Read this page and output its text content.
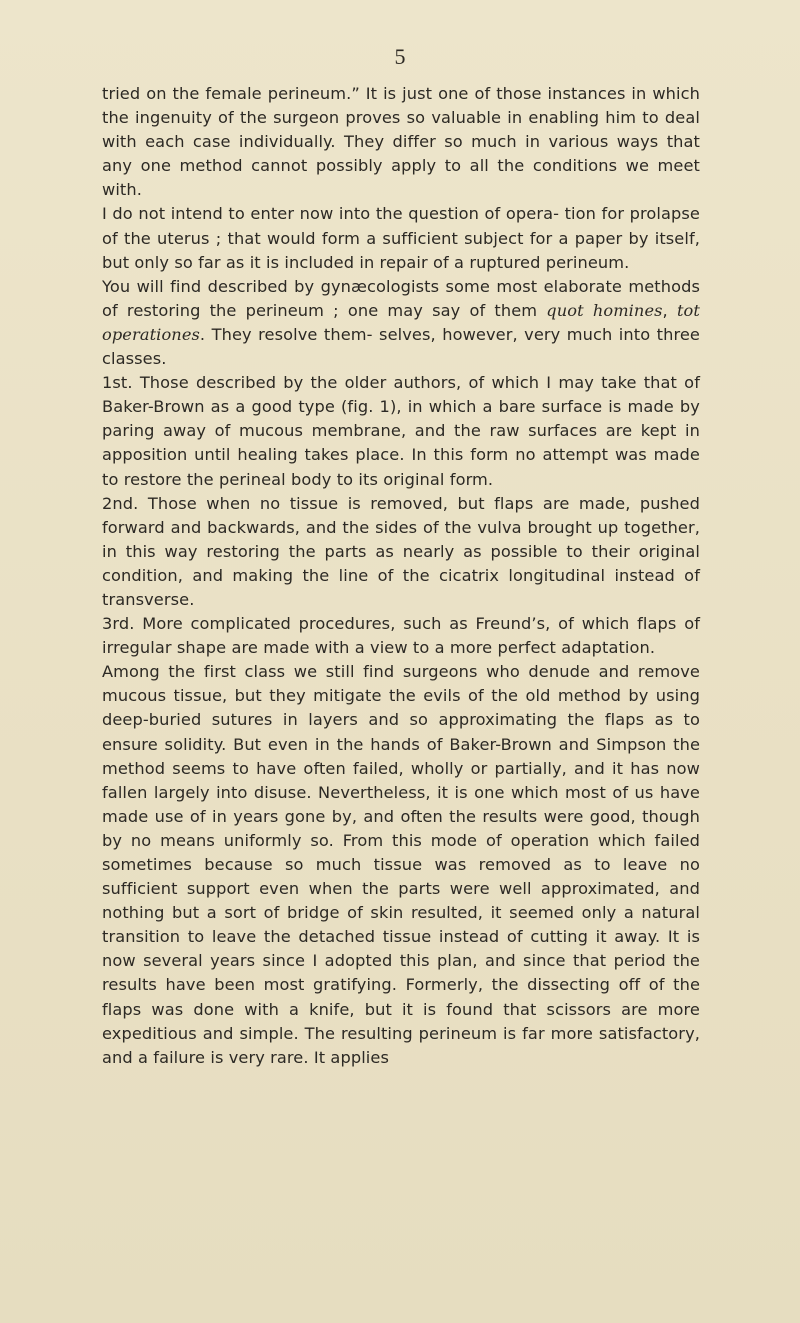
5

tried on the female perineum.” It is just one of those instances in which the ingenuity of the surgeon proves so valuable in enabling him to deal with each case individually. They differ so much in various ways that any one method cannot possibly apply to all the conditions we meet with.

I do not intend to enter now into the question of opera- tion for prolapse of the uterus ; that would form a sufficient subject for a paper by itself, but only so far as it is included in repair of a ruptured perineum.

You will find described by gynæcologists some most elaborate methods of restoring the perineum ; one may say of them quot homines, tot operationes. They resolve them- selves, however, very much into three classes.

1st. Those described by the older authors, of which I may take that of Baker-Brown as a good type (fig. 1), in which a bare surface is made by paring away of mucous membrane, and the raw surfaces are kept in apposition until healing takes place. In this form no attempt was made to restore the perineal body to its original form.

2nd. Those when no tissue is removed, but flaps are made, pushed forward and backwards, and the sides of the vulva brought up together, in this way restoring the parts as nearly as possible to their original condition, and making the line of the cicatrix longitudinal instead of transverse.

3rd. More complicated procedures, such as Freund’s, of which flaps of irregular shape are made with a view to a more perfect adaptation.

Among the first class we still find surgeons who denude and remove mucous tissue, but they mitigate the evils of the old method by using deep-buried sutures in layers and so approximating the flaps as to ensure solidity. But even in the hands of Baker-Brown and Simpson the method seems to have often failed, wholly or partially, and it has now fallen largely into disuse. Nevertheless, it is one which most of us have made use of in years gone by, and often the results were good, though by no means uniformly so. From this mode of operation which failed sometimes because so much tissue was removed as to leave no sufficient support even when the parts were well approximated, and nothing but a sort of bridge of skin resulted, it seemed only a natural transition to leave the detached tissue instead of cutting it away. It is now several years since I adopted this plan, and since that period the results have been most gratifying. Formerly, the dissecting off of the flaps was done with a knife, but it is found that scissors are more expeditious and simple. The resulting perineum is far more satisfactory, and a failure is very rare. It applies
